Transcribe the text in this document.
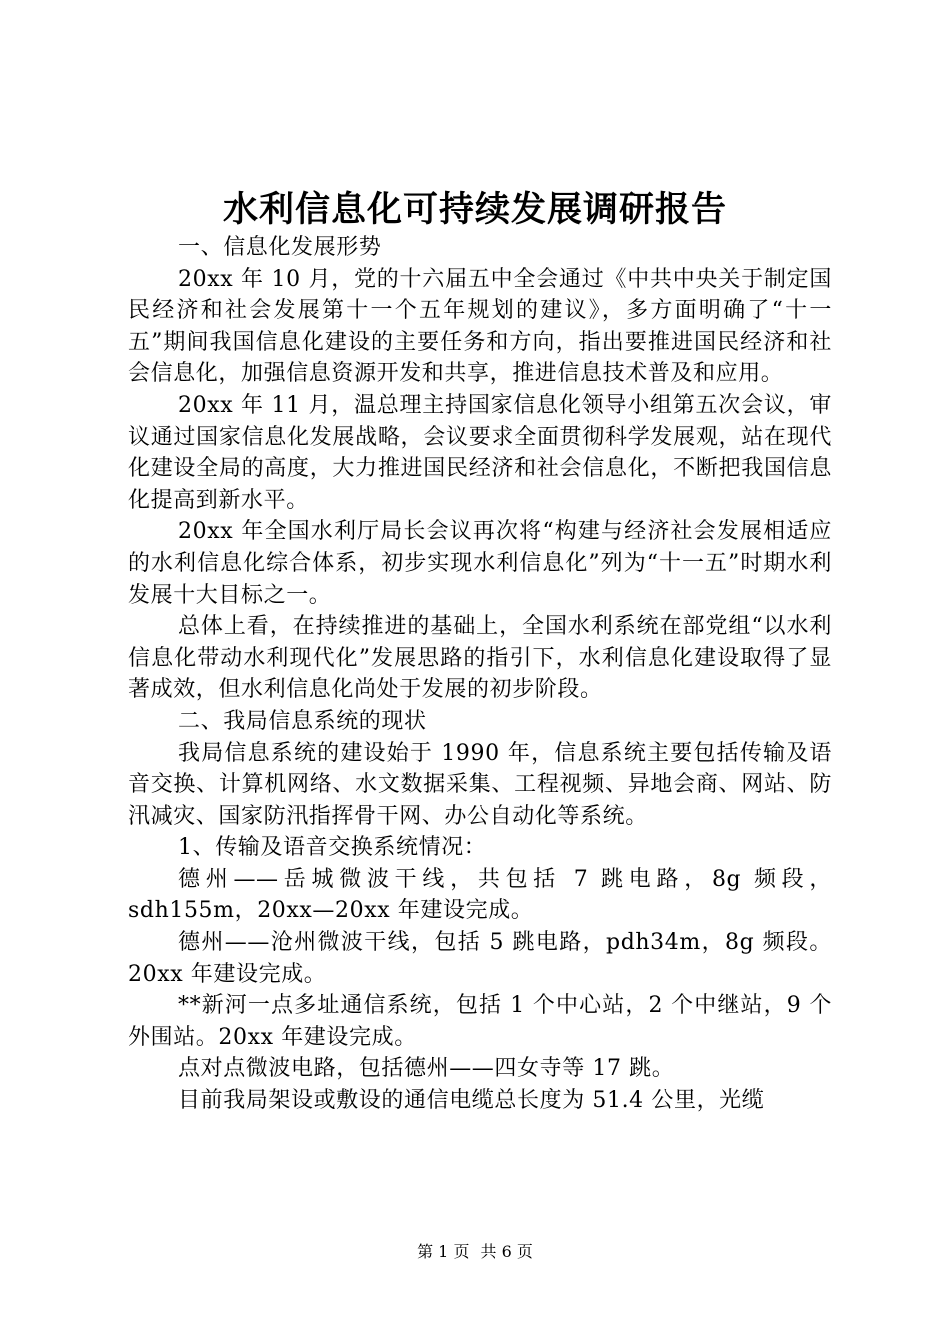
水利信息化可持续发展调研报告

一、信息化发展形势

20xx 年 10 月，党的十六届五中全会通过《中共中央关于制定国民经济和社会发展第十一个五年规划的建议》，多方面明确了“十一五”期间我国信息化建设的主要任务和方向，指出要推进国民经济和社会信息化，加强信息资源开发和共享，推进信息技术普及和应用。

20xx 年 11 月，温总理主持国家信息化领导小组第五次会议，审议通过国家信息化发展战略，会议要求全面贯彻科学发展观，站在现代化建设全局的高度，大力推进国民经济和社会信息化，不断把我国信息化提高到新水平。

20xx 年全国水利厅局长会议再次将“构建与经济社会发展相适应的水利信息化综合体系，初步实现水利信息化”列为“十一五”时期水利发展十大目标之一。

总体上看，在持续推进的基础上，全国水利系统在部党组“以水利信息化带动水利现代化”发展思路的指引下，水利信息化建设取得了显著成效，但水利信息化尚处于发展的初步阶段。

二、我局信息系统的现状

我局信息系统的建设始于 1990 年，信息系统主要包括传输及语音交换、计算机网络、水文数据采集、工程视频、异地会商、网站、防汛减灾、国家防汛指挥骨干网、办公自动化等系统。

1、传输及语音交换系统情况：

德州——岳城微波干线，共包括 7 跳电路，8g 频段，sdh155m，20xx—20xx 年建设完成。

德州——沧州微波干线，包括 5 跳电路，pdh34m，8g 频段。20xx 年建设完成。

**新河一点多址通信系统，包括 1 个中心站，2 个中继站，9 个外围站。20xx 年建设完成。

点对点微波电路，包括德州——四女寺等 17 跳。

目前我局架设或敷设的通信电缆总长度为 51.4 公里，光缆

第 1 页 共 6 页
